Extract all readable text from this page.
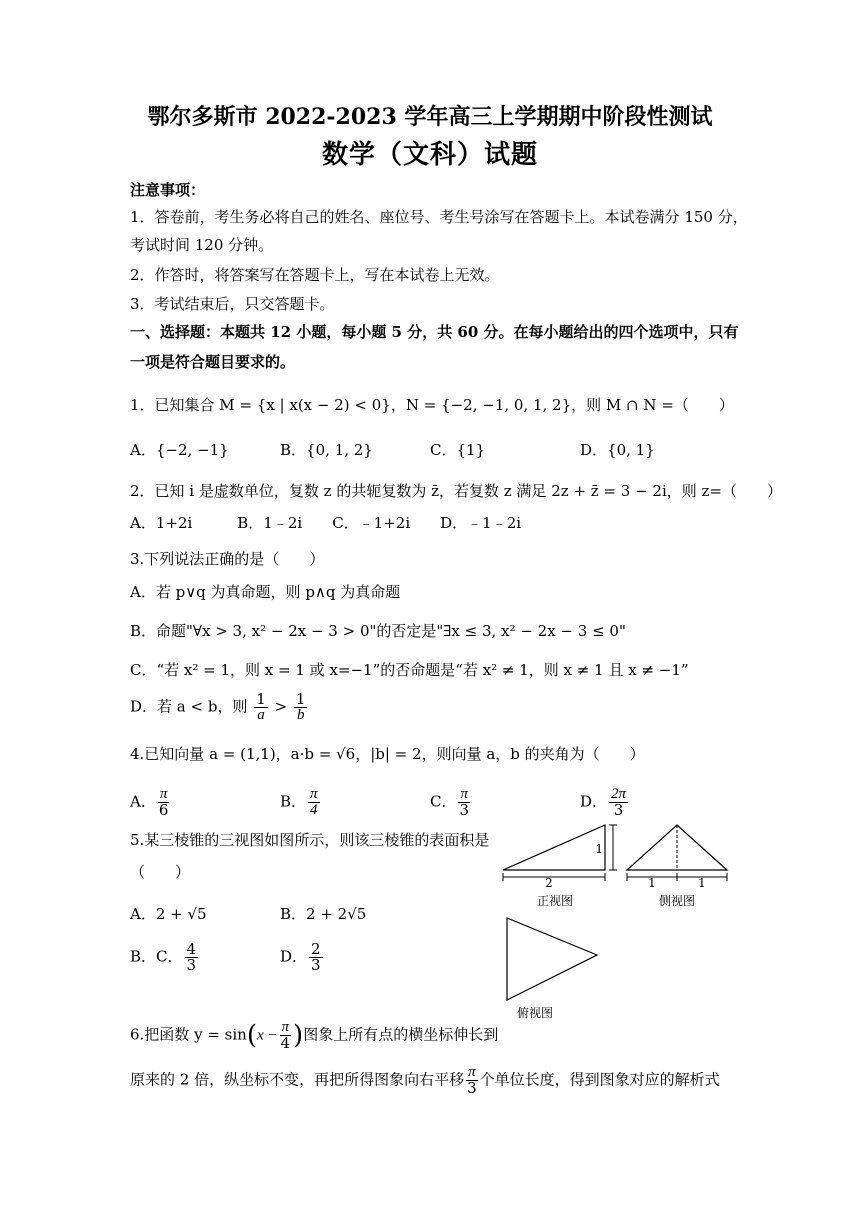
鄂尔多斯市 2022-2023 学年高三上学期期中阶段性测试
数学（文科）试题
注意事项：
1．答卷前，考生务必将自己的姓名、座位号、考生号涂写在答题卡上。本试卷满分 150 分，
考试时间 120 分钟。
2．作答时，将答案写在答题卡上，写在本试卷上无效。
3．考试结束后，只交答题卡。
一、选择题：本题共 12 小题，每小题 5 分，共 60 分。在每小题给出的四个选项中，只有
一项是符合题目要求的。
1．已知集合 M = {x | x(x − 2) < 0}，N = {−2, −1, 0, 1, 2}，则 M ∩ N =（　　）
A．{−2, −1}	B．{0, 1, 2}	C．{1}	D．{0, 1}
2．已知 i 是虚数单位，复数 z 的共轭复数为 z̄，若复数 z 满足 2z + z̄ = 3 − 2i，则 z=（　　）
A．1+2i　　　B．1﹣2i　　C．﹣1+2i　　D．﹣1﹣2i
3.下列说法正确的是（　　）
A．若 p∨q 为真命题，则 p∧q 为真命题
B．命题"∀x > 3, x² − 2x − 3 > 0"的否定是"∃x ≤ 3, x² − 2x − 3 ≤ 0"
C．“若 x² = 1，则 x = 1 或 x=−1”的否命题是“若 x² ≠ 1，则 x ≠ 1 且 x ≠ −1”
D．若 a < b，则 $\frac{1}{a} > \frac{1}{b}$
4.已知向量 a = (1,1)，a·b = √6，|b| = 2，则向量 a，b 的夹角为（　　）
A． $\frac{\pi}{6}$	B． $\frac{\pi}{4}$	C． $\frac{\pi}{3}$	D． $\frac{2\pi}{3}$
5.某三棱锥的三视图如图所示，则该三棱锥的表面积是
（　　）
A．2 + √5	B．2 + 2√5
B．C． $\frac{4}{3}$	D． $\frac{2}{3}$
2
1
正视图
1	1
侧视图
俯视图
6.把函数 $y = \sin(x - \frac{\pi}{4}$ )图象上所有点的横坐标伸长到
原来的 2 倍，纵坐标不变，再把所得图象向右平移 $\frac{\pi}{3}$ 个单位长度，得到图象对应的解析式
